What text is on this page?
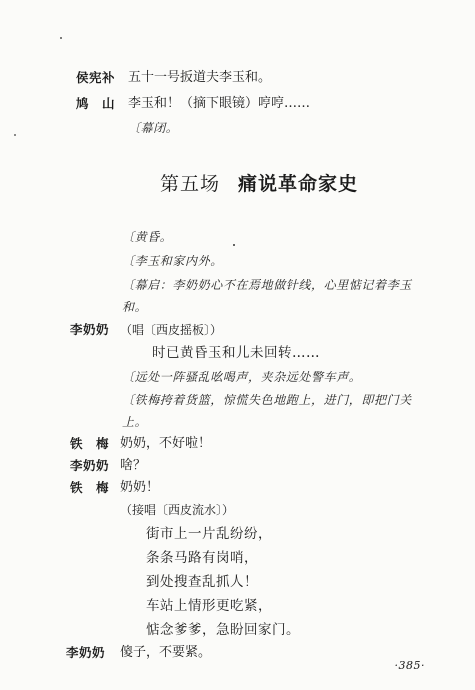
侯宪补 五十一号扳道夫李玉和。
鸠　山 李玉和！（摘下眼镜）哼哼……
〔幕闭。
第五场 痛说革命家史
〔黄昏。
〔李玉和家内外。
〔幕启：李奶奶心不在焉地做针线，心里惦记着李玉
和。
李奶奶 （唱〔西皮摇板〕）
时已黄昏玉和儿未回转……
〔远处一阵骚乱吆喝声，夹杂远处警车声。
〔铁梅挎着货篮，惊慌失色地跑上，进门，即把门关
上。
铁　梅 奶奶，不好啦！
李奶奶 啥？
铁　梅 奶奶！
（接唱〔西皮流水〕）
街市上一片乱纷纷，
条条马路有岗哨，
到处搜查乱抓人！
车站上情形更吃紧，
惦念爹爹，急盼回家门。
李奶奶 傻子，不要紧。
·385·
